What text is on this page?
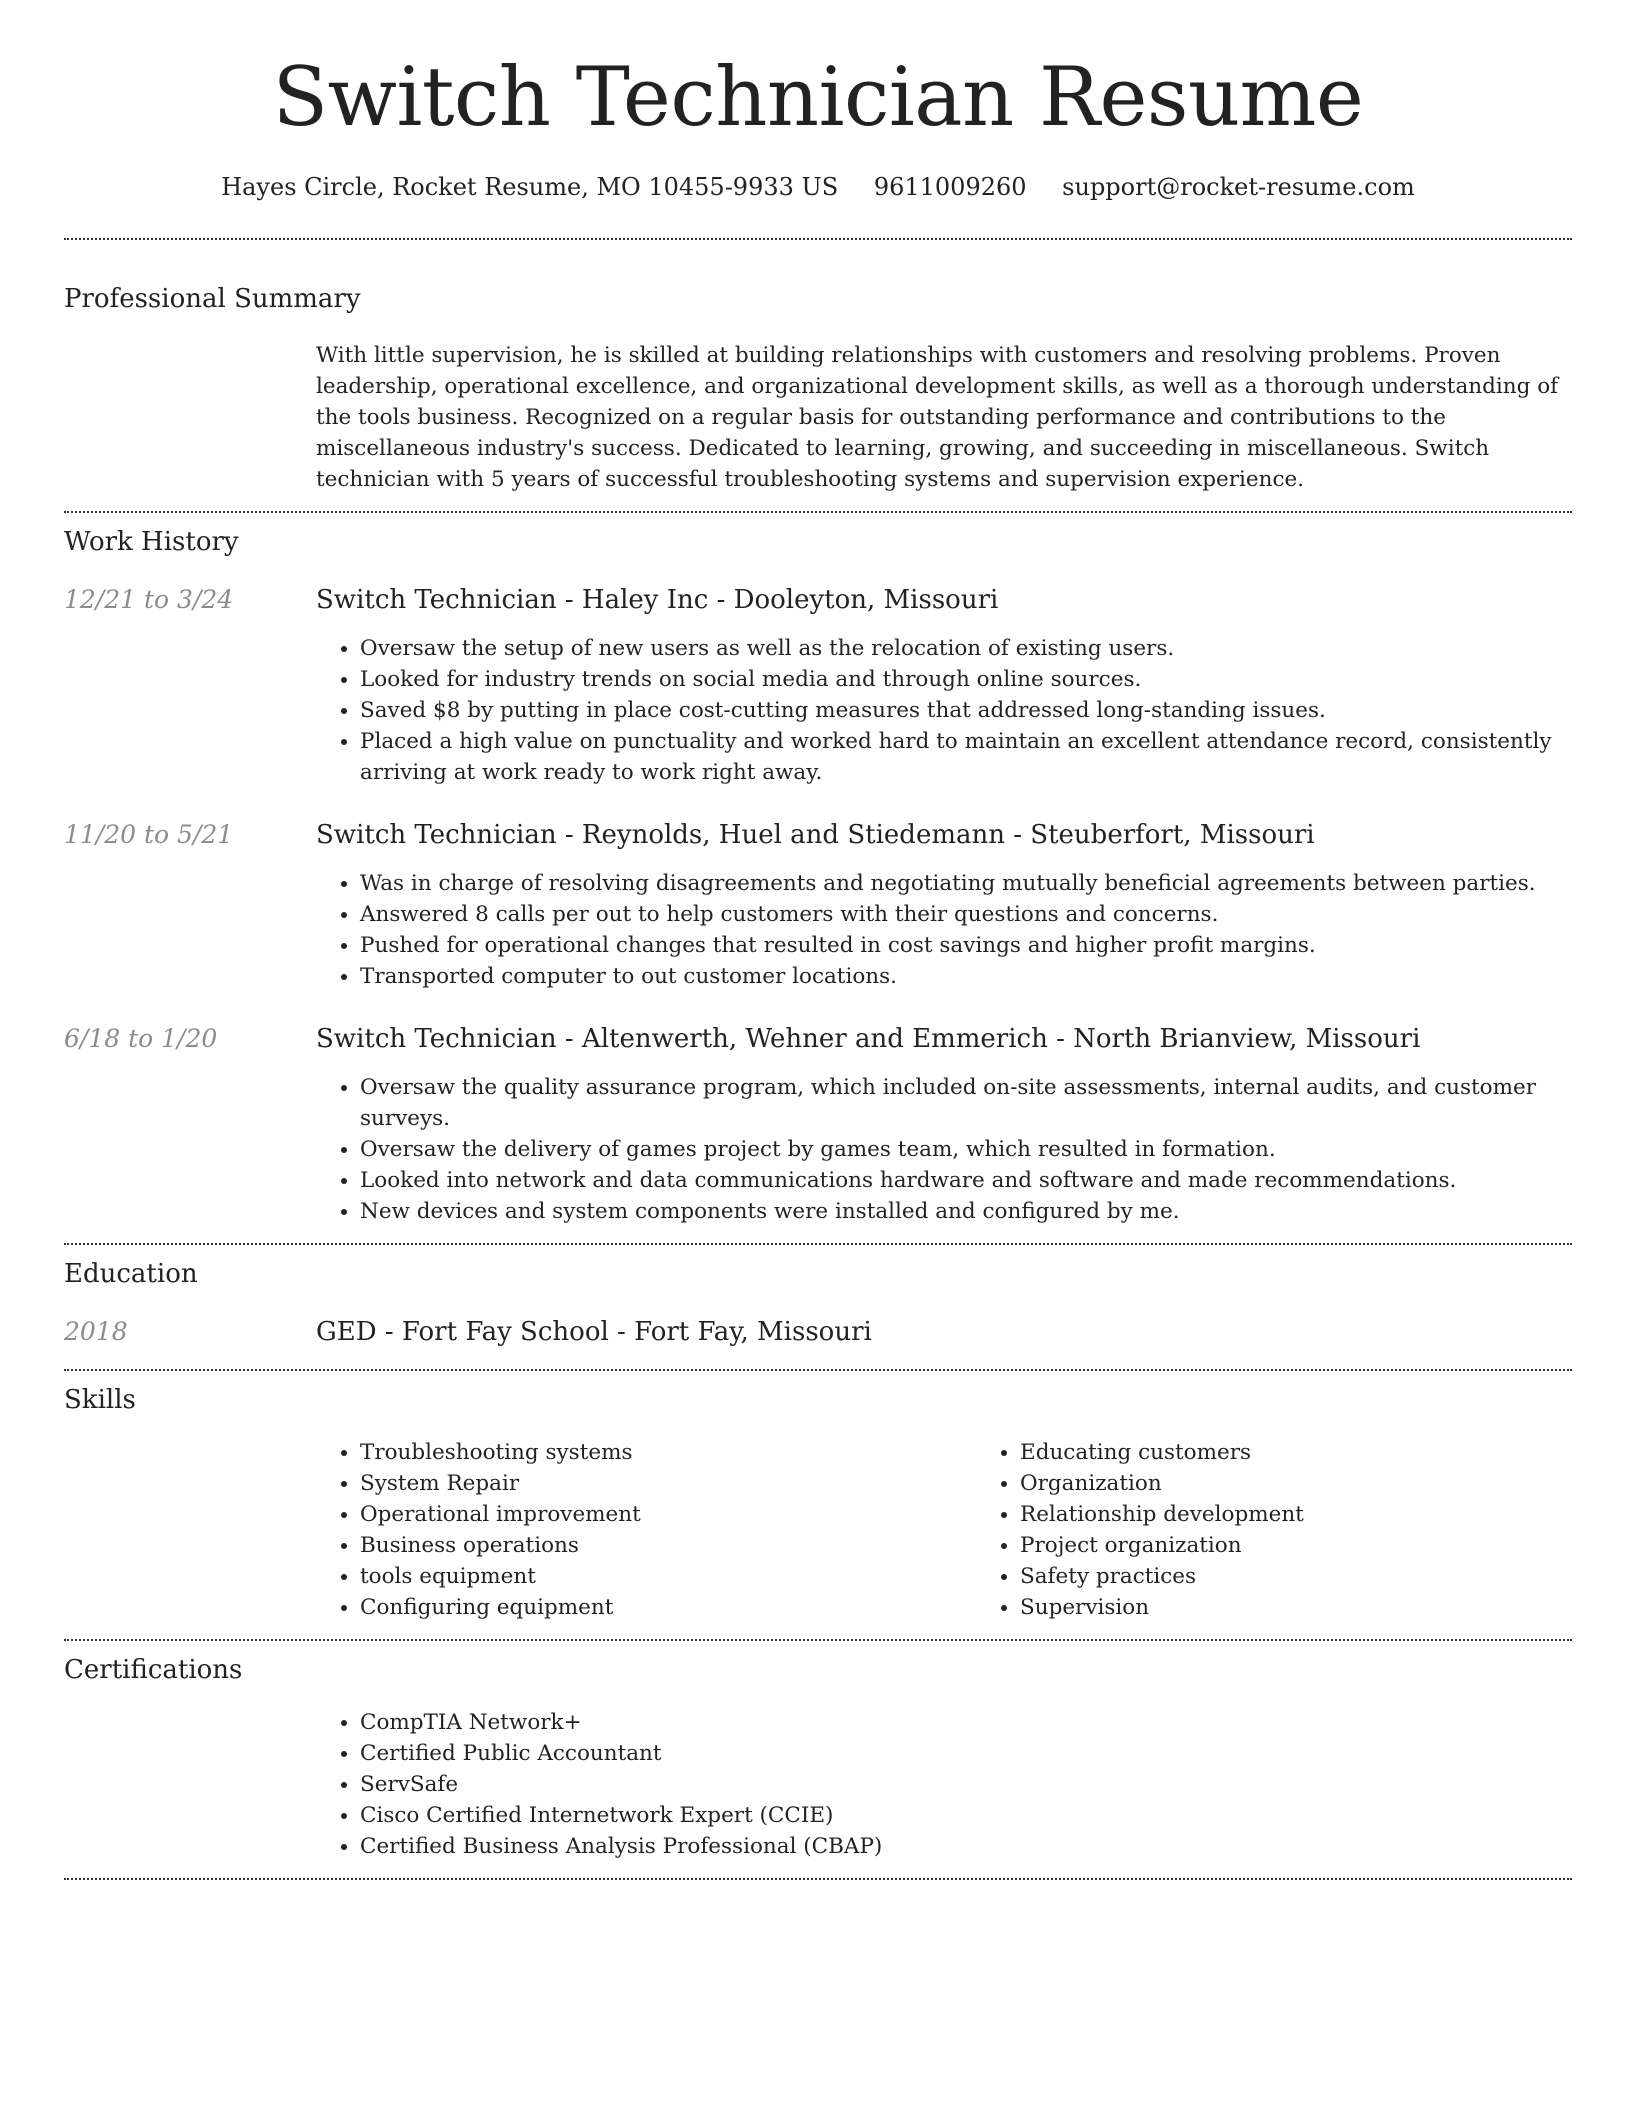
Switch Technician Resume
Hayes Circle, Rocket Resume, MO 10455-9933 US 9611009260 support@rocket-resume.com
Professional Summary
With little supervision, he is skilled at building relationships with customers and resolving problems. Proven leadership, operational excellence, and organizational development skills, as well as a thorough understanding of the tools business. Recognized on a regular basis for outstanding performance and contributions to the miscellaneous industry's success. Dedicated to learning, growing, and succeeding in miscellaneous. Switch technician with 5 years of successful troubleshooting systems and supervision experience.
Work History
12/21 to 3/24	Switch Technician - Haley Inc - Dooleyton, Missouri
• Oversaw the setup of new users as well as the relocation of existing users.
• Looked for industry trends on social media and through online sources.
• Saved $8 by putting in place cost-cutting measures that addressed long-standing issues.
• Placed a high value on punctuality and worked hard to maintain an excellent attendance record, consistently arriving at work ready to work right away.
11/20 to 5/21	Switch Technician - Reynolds, Huel and Stiedemann - Steuberfort, Missouri
• Was in charge of resolving disagreements and negotiating mutually beneficial agreements between parties.
• Answered 8 calls per out to help customers with their questions and concerns.
• Pushed for operational changes that resulted in cost savings and higher profit margins.
• Transported computer to out customer locations.
6/18 to 1/20	Switch Technician - Altenwerth, Wehner and Emmerich - North Brianview, Missouri
• Oversaw the quality assurance program, which included on-site assessments, internal audits, and customer surveys.
• Oversaw the delivery of games project by games team, which resulted in formation.
• Looked into network and data communications hardware and software and made recommendations.
• New devices and system components were installed and configured by me.
Education
2018	GED - Fort Fay School - Fort Fay, Missouri
Skills
• Troubleshooting systems
• System Repair
• Operational improvement
• Business operations
• tools equipment
• Configuring equipment
• Educating customers
• Organization
• Relationship development
• Project organization
• Safety practices
• Supervision
Certifications
• CompTIA Network+
• Certified Public Accountant
• ServSafe
• Cisco Certified Internetwork Expert (CCIE)
• Certified Business Analysis Professional (CBAP)
